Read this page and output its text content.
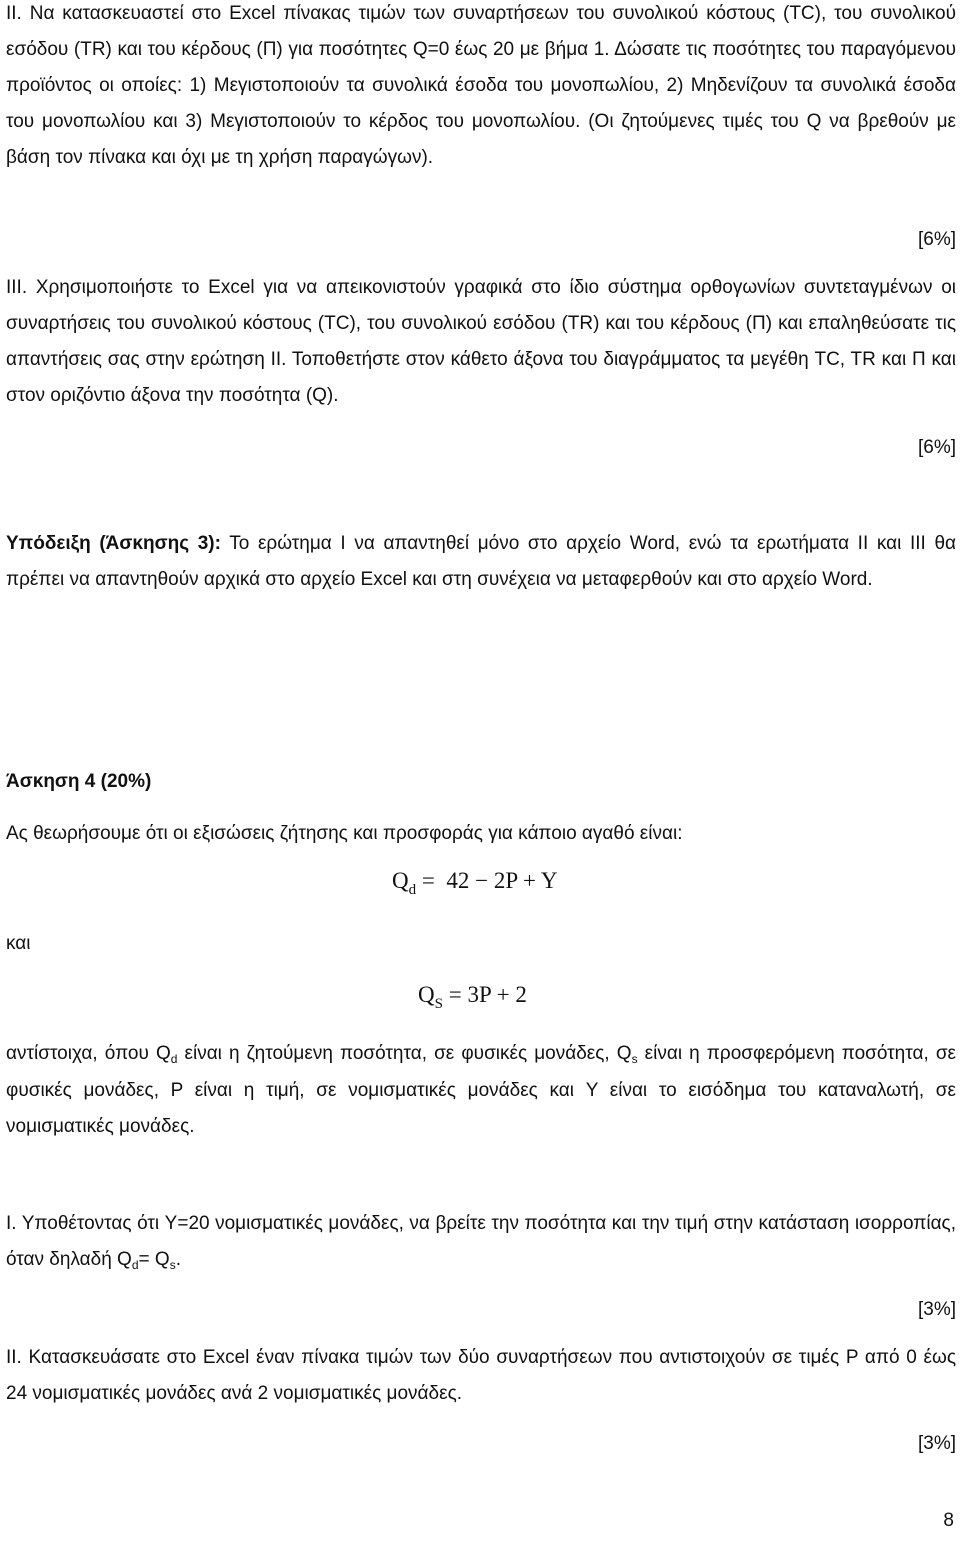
II. Να κατασκευαστεί στο Excel πίνακας τιμών των συναρτήσεων του συνολικού κόστους (TC), του συνολικού εσόδου (TR) και του κέρδους (Π) για ποσότητες Q=0 έως 20 με βήμα 1. Δώσατε τις ποσότητες του παραγόμενου προϊόντος οι οποίες: 1) Μεγιστοποιούν τα συνολικά έσοδα του μονοπωλίου, 2) Μηδενίζουν τα συνολικά έσοδα του μονοπωλίου και 3) Μεγιστοποιούν το κέρδος του μονοπωλίου. (Οι ζητούμενες τιμές του Q να βρεθούν με βάση τον πίνακα και όχι με τη χρήση παραγώγων).

[6%]

III. Χρησιμοποιήστε το Excel για να απεικονιστούν γραφικά στο ίδιο σύστημα ορθογωνίων συντεταγμένων οι συναρτήσεις του συνολικού κόστους (TC), του συνολικού εσόδου (TR) και του κέρδους (Π) και επαληθεύσατε τις απαντήσεις σας στην ερώτηση ΙΙ. Τοποθετήστε στον κάθετο άξονα του διαγράμματος τα μεγέθη TC, TR και Π και στον οριζόντιο άξονα την ποσότητα (Q).

[6%]

Υπόδειξη (Άσκησης 3): Το ερώτημα Ι να απαντηθεί μόνο στο αρχείο Word, ενώ τα ερωτήματα ΙΙ και ΙΙΙ θα πρέπει να απαντηθούν αρχικά στο αρχείο Excel και στη συνέχεια να μεταφερθούν και στο αρχείο Word.

Άσκηση 4 (20%)
Ας θεωρήσουμε ότι οι εξισώσεις ζήτησης και προσφοράς για κάποιο αγαθό είναι:
$Q_d = 42 - 2P + Y$
και
$Q_S = 3P + 2$

αντίστοιχα, όπου $Q_d$ είναι η ζητούμενη ποσότητα, σε φυσικές μονάδες, $Q_s$ είναι η προσφερόμενη ποσότητα, σε φυσικές μονάδες, P είναι η τιμή, σε νομισματικές μονάδες και Y είναι το εισόδημα του καταναλωτή, σε νομισματικές μονάδες.

Ι. Υποθέτοντας ότι Y=20 νομισματικές μονάδες, να βρείτε την ποσότητα και την τιμή στην κατάσταση ισορροπίας, όταν δηλαδή $Q_d= Q_s$.

[3%]

ΙΙ. Κατασκευάσατε στο Excel έναν πίνακα τιμών των δύο συναρτήσεων που αντιστοιχούν σε τιμές P από 0 έως 24 νομισματικές μονάδες ανά 2 νομισματικές μονάδες.

[3%]
8
